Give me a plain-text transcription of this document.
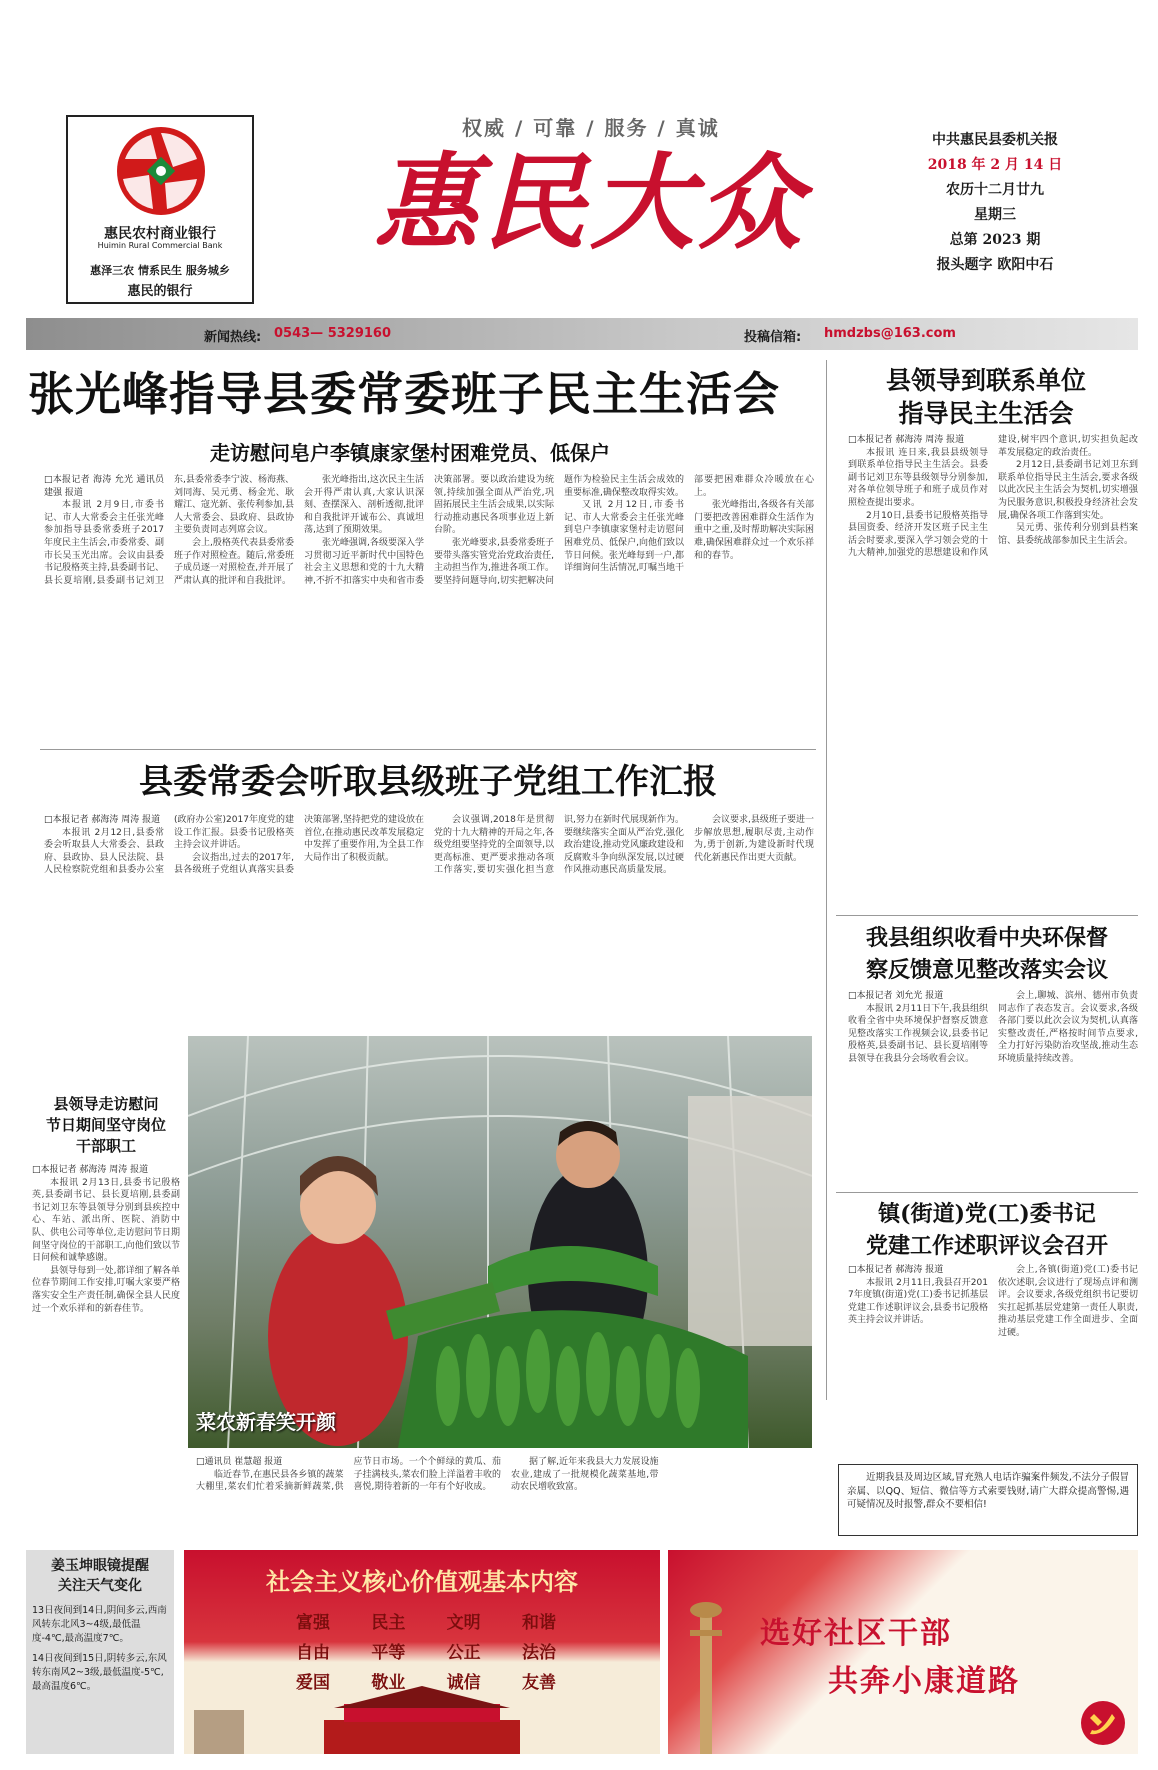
惠民农村商业银行
Huimin Rural Commercial Bank
惠泽三农 情系民生 服务城乡
惠民的银行
权威 / 可靠 / 服务 / 真诚
惠民大众
中共惠民县委机关报
2018 年 2 月 14 日
农历十二月廿九
星期三
总第 2023 期
报头题字 欧阳中石
新闻热线: 0543— 5329160	投稿信箱: hmdzbs@163.com
张光峰指导县委常委班子民主生活会
走访慰问皂户李镇康家堡村困难党员、低保户

□本报记者 海涛 允光 通讯员 建强 报道

本报讯 2月9日,市委书记、市人大常委会主任张光峰参加指导县委常委班子2017年度民主生活会,市委常委、副市长吴玉光出席。会议由县委书记殷格英主持,县委副书记、县长夏培刚,县委副书记刘卫东,县委常委李宁波、杨海燕、刘同海、吴元勇、杨金光、耿耀江、寇光新、张传利参加,县人大常委会、县政府、县政协主要负责同志列席会议。

会上,殷格英代表县委常委班子作对照检查。随后,常委班子成员逐一对照检查,并开展了严肃认真的批评和自我批评。

张光峰指出,这次民主生活会开得严肃认真,大家认识深刻、查摆深入、剖析透彻,批评和自我批评开诚布公、真诚坦荡,达到了预期效果。

张光峰强调,各级要深入学习贯彻习近平新时代中国特色社会主义思想和党的十九大精神,不折不扣落实中央和省市委决策部署。要以政治建设为统领,持续加强全面从严治党,巩固拓展民主生活会成果,以实际行动推动惠民各项事业迈上新台阶。

张光峰要求,县委常委班子要带头落实管党治党政治责任,主动担当作为,推进各项工作。要坚持问题导向,切实把解决问题作为检验民主生活会成效的重要标准,确保整改取得实效。

又讯 2月12日,市委书记、市人大常委会主任张光峰到皂户李镇康家堡村走访慰问困难党员、低保户,向他们致以节日问候。张光峰每到一户,都详细询问生活情况,叮嘱当地干部要把困难群众冷暖放在心上。

张光峰指出,各级各有关部门要把改善困难群众生活作为重中之重,及时帮助解决实际困难,确保困难群众过一个欢乐祥和的春节。

县领导到联系单位
指导民主生活会

□本报记者 郝海涛 周涛 报道

本报讯 连日来,我县县级领导到联系单位指导民主生活会。县委副书记刘卫东等县级领导分别参加,对各单位领导班子和班子成员作对照检查提出要求。

2月10日,县委书记殷格英指导县国资委、经济开发区班子民主生活会时要求,要深入学习领会党的十九大精神,加强党的思想建设和作风建设,树牢四个意识,切实担负起改革发展稳定的政治责任。

2月12日,县委副书记刘卫东到联系单位指导民主生活会,要求各级以此次民主生活会为契机,切实增强为民服务意识,积极投身经济社会发展,确保各项工作落到实处。

吴元勇、张传利分别到县档案馆、县委统战部参加民主生活会。

县委常委会听取县级班子党组工作汇报

□本报记者 郝海涛 周涛 报道

本报讯 2月12日,县委常委会听取县人大常委会、县政府、县政协、县人民法院、县人民检察院党组和县委办公室(政府办公室)2017年度党的建设工作汇报。县委书记殷格英主持会议并讲话。

会议指出,过去的2017年,县各级班子党组认真落实县委决策部署,坚持把党的建设放在首位,在推动惠民改革发展稳定中发挥了重要作用,为全县工作大局作出了积极贡献。

会议强调,2018年是贯彻党的十九大精神的开局之年,各级党组要坚持党的全面领导,以更高标准、更严要求推动各项工作落实,要切实强化担当意识,努力在新时代展现新作为。要继续落实全面从严治党,强化政治建设,推动党风廉政建设和反腐败斗争向纵深发展,以过硬作风推动惠民高质量发展。

会议要求,县级班子要进一步解放思想,履职尽责,主动作为,勇于创新,为建设新时代现代化新惠民作出更大贡献。

我县组织收看中央环保督
察反馈意见整改落实会议

□本报记者 刘允光 报道

本报讯 2月11日下午,我县组织收看全省中央环境保护督察反馈意见整改落实工作视频会议,县委书记殷格英,县委副书记、县长夏培刚等县领导在我县分会场收看会议。

会上,聊城、滨州、德州市负责同志作了表态发言。会议要求,各级各部门要以此次会议为契机,认真落实整改责任,严格按时间节点要求,全力打好污染防治攻坚战,推动生态环境质量持续改善。

镇(街道)党(工)委书记
党建工作述职评议会召开

□本报记者 郝海涛 报道

本报讯 2月11日,我县召开2017年度镇(街道)党(工)委书记抓基层党建工作述职评议会,县委书记殷格英主持会议并讲话。

会上,各镇(街道)党(工)委书记依次述职,会议进行了现场点评和测评。会议要求,各级党组织书记要切实扛起抓基层党建第一责任人职责,推动基层党建工作全面进步、全面过硬。

县领导走访慰问
节日期间坚守岗位
干部职工

□本报记者 郝海涛 周涛 报道

本报讯 2月13日,县委书记殷格英,县委副书记、县长夏培刚,县委副书记刘卫东等县领导分别到县疾控中心、车站、派出所、医院、消防中队、供电公司等单位,走访慰问节日期间坚守岗位的干部职工,向他们致以节日问候和诚挚感谢。

县领导每到一处,都详细了解各单位春节期间工作安排,叮嘱大家要严格落实安全生产责任制,确保全县人民度过一个欢乐祥和的新春佳节。

菜农新春笑开颜

□通讯员 崔慧超 报道

临近春节,在惠民县各乡镇的蔬菜大棚里,菜农们忙着采摘新鲜蔬菜,供应节日市场。一个个鲜绿的黄瓜、茄子挂满枝头,菜农们脸上洋溢着丰收的喜悦,期待着新的一年有个好收成。

据了解,近年来我县大力发展设施农业,建成了一批规模化蔬菜基地,带动农民增收致富。

近期我县及周边区域,冒充熟人电话诈骗案件频发,不法分子假冒亲属、以QQ、短信、微信等方式索要钱财,请广大群众提高警惕,遇可疑情况及时报警,群众不要相信!
姜玉坤眼镜提醒
关注天气变化
13日夜间到14日,阴间多云,西南风转东北风3~4级,最低温度-4℃,最高温度7℃。
14日夜间到15日,阴转多云,东风转东南风2~3级,最低温度-5℃,最高温度6℃。
社会主义核心价值观基本内容
富强 民主 文明 和谐
自由 平等 公正 法治
爱国 敬业 诚信 友善
选好社区干部
共奔小康道路
